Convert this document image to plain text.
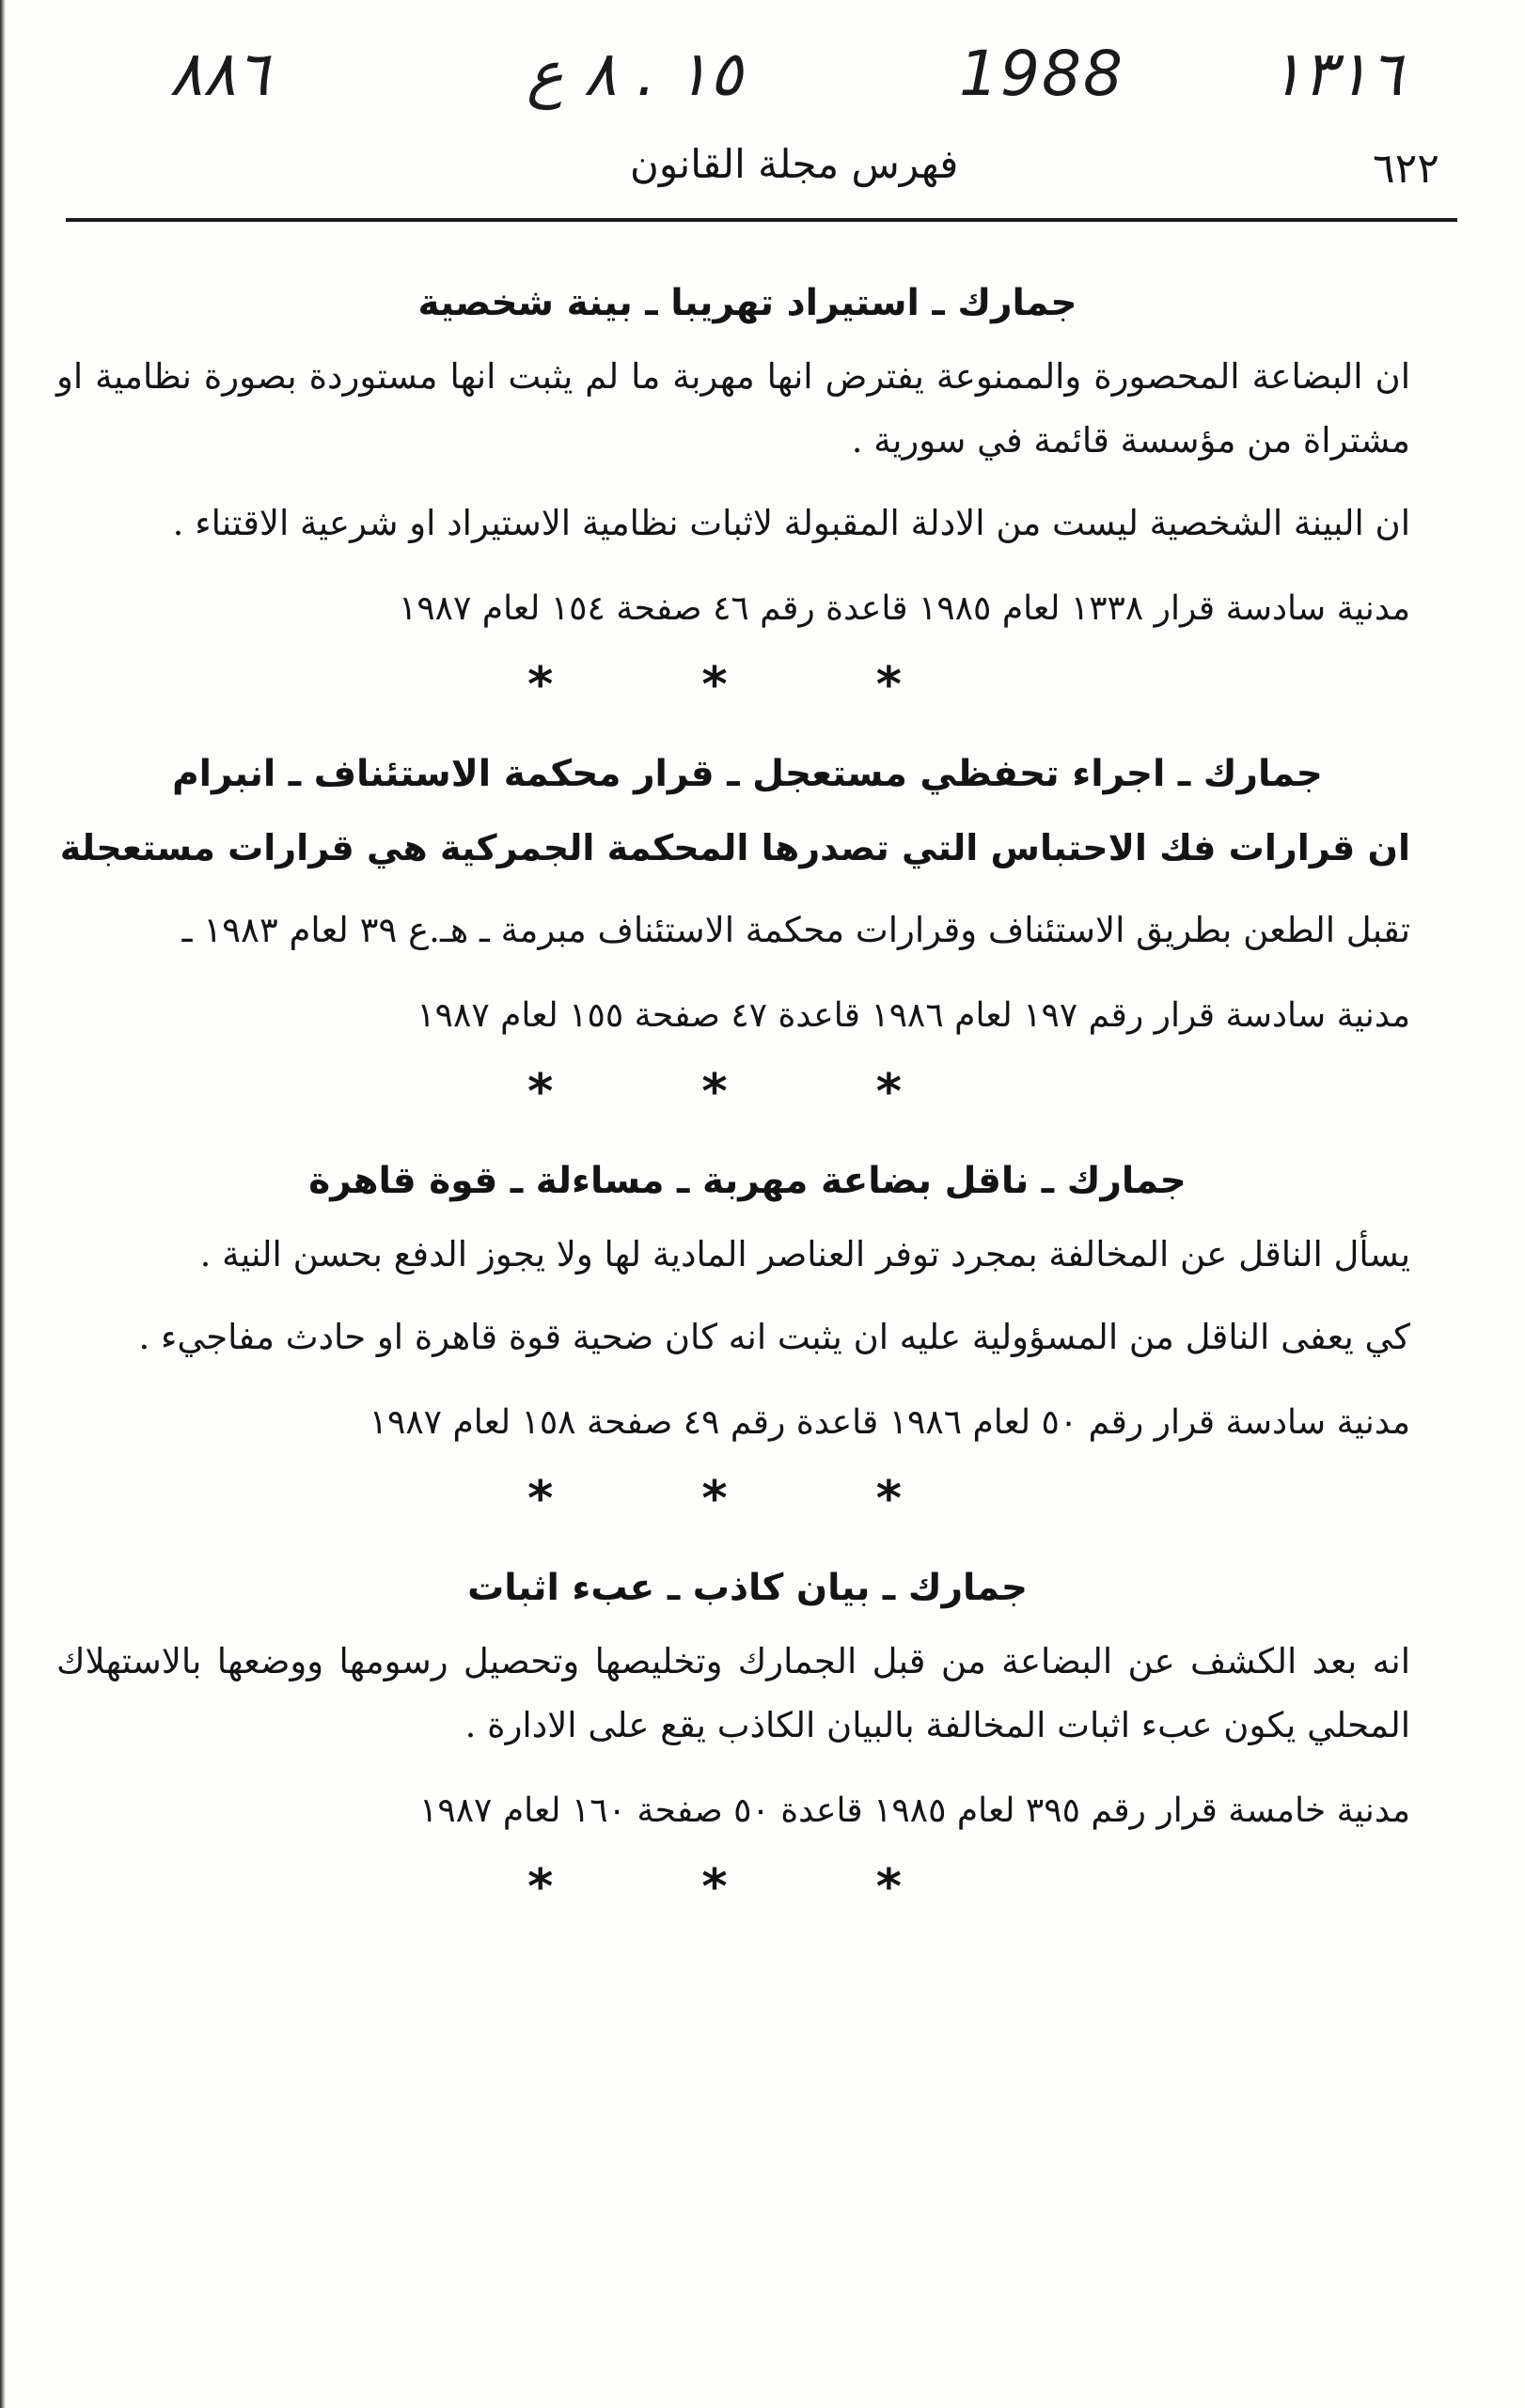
٨٨٦	١٥ . ٨ ع	1988 ١٣١٦
فهرس مجلة القانون	٦٢٢
جمارك ـ استيراد تهريبا ـ بينة شخصية

ان البضاعة المحصورة والممنوعة يفترض انها مهربة ما لم يثبت انها مستوردة بصورة نظامية او مشتراة من مؤسسة قائمة في سورية .

ان البينة الشخصية ليست من الادلة المقبولة لاثبات نظامية الاستيراد او شرعية الاقتناء .

مدنية سادسة قرار ١٣٣٨ لعام ١٩٨٥ قاعدة رقم ٤٦ صفحة ١٥٤ لعام ١٩٨٧
* * *
جمارك ـ اجراء تحفظي مستعجل ـ قرار محكمة الاستئناف ـ انبرام

ان قرارات فك الاحتباس التي تصدرها المحكمة الجمركية هي قرارات مستعجلة

تقبل الطعن بطريق الاستئناف وقرارات محكمة الاستئناف مبرمة ـ هـ.ع ٣٩ لعام ١٩٨٣ ـ

مدنية سادسة قرار رقم ١٩٧ لعام ١٩٨٦ قاعدة ٤٧ صفحة ١٥٥ لعام ١٩٨٧
* * *
جمارك ـ ناقل بضاعة مهربة ـ مساءلة ـ قوة قاهرة

يسأل الناقل عن المخالفة بمجرد توفر العناصر المادية لها ولا يجوز الدفع بحسن النية .

كي يعفى الناقل من المسؤولية عليه ان يثبت انه كان ضحية قوة قاهرة او حادث مفاجيء .

مدنية سادسة قرار رقم ٥٠ لعام ١٩٨٦ قاعدة رقم ٤٩ صفحة ١٥٨ لعام ١٩٨٧
* * *
جمارك ـ بيان كاذب ـ عبء اثبات

انه بعد الكشف عن البضاعة من قبل الجمارك وتخليصها وتحصيل رسومها ووضعها بالاستهلاك المحلي يكون عبء اثبات المخالفة بالبيان الكاذب يقع على الادارة .

مدنية خامسة قرار رقم ٣٩٥ لعام ١٩٨٥ قاعدة ٥٠ صفحة ١٦٠ لعام ١٩٨٧
* * *
